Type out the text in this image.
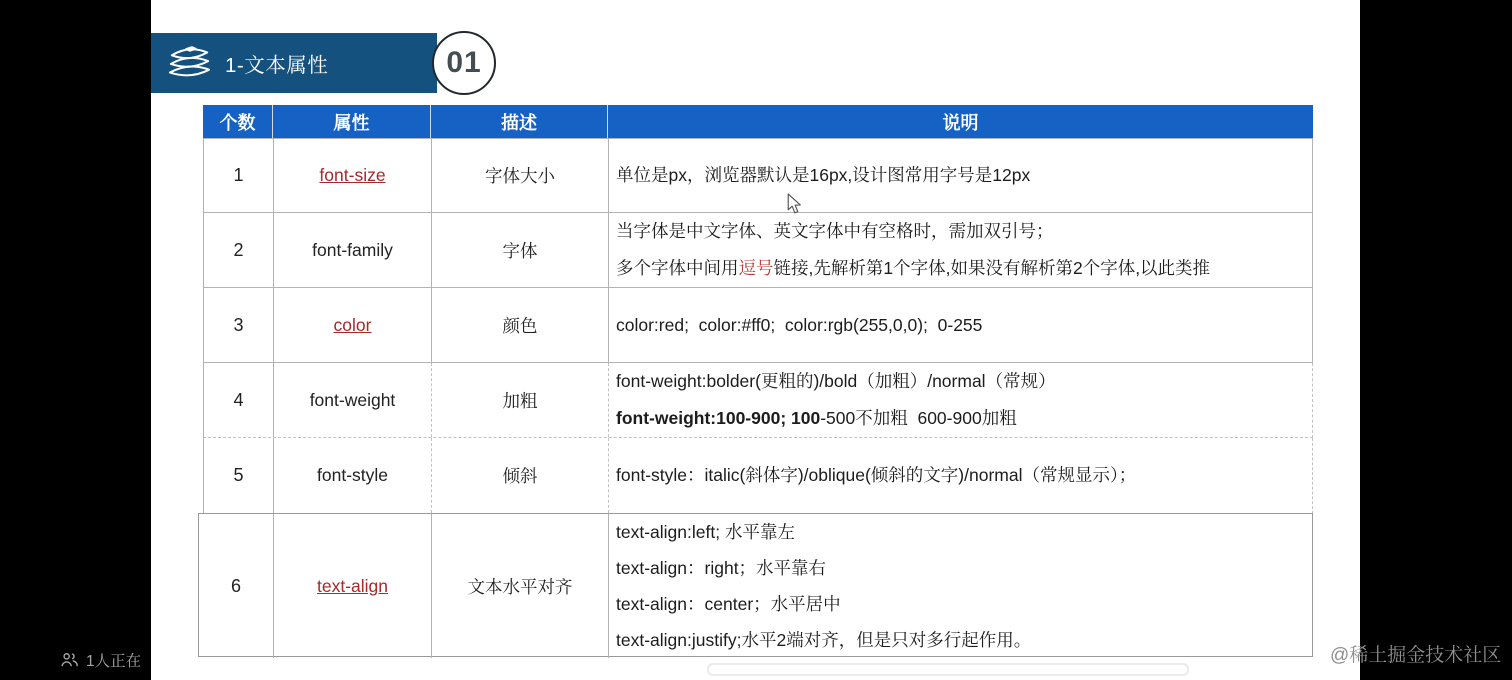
1-文本属性	01
个数	属性	描述	说明
1	font-size	字体大小	单位是px，浏览器默认是16px,设计图常用字号是12px
2	font-family	字体
当字体是中文字体、英文字体中有空格时，需加双引号；
多个字体中间用逗号链接,先解析第1个字体,如果没有解析第2个字体,以此类推
3	color	颜色	color:red;  color:#ff0;  color:rgb(255,0,0);  0-255
4	font-weight	加粗
font-weight:bolder(更粗的)/bold（加粗）/normal（常规）
font-weight:100-900; 100-500不加粗  600-900加粗
5	font-style	倾斜	font-style：italic(斜体字)/oblique(倾斜的文字)/normal（常规显示）；
6	text-align	文本水平对齐
text-align:left; 水平靠左
text-align：right；水平靠右
text-align：center；水平居中
text-align:justify;水平2端对齐，但是只对多行起作用。
1人正在	@稀土掘金技术社区
